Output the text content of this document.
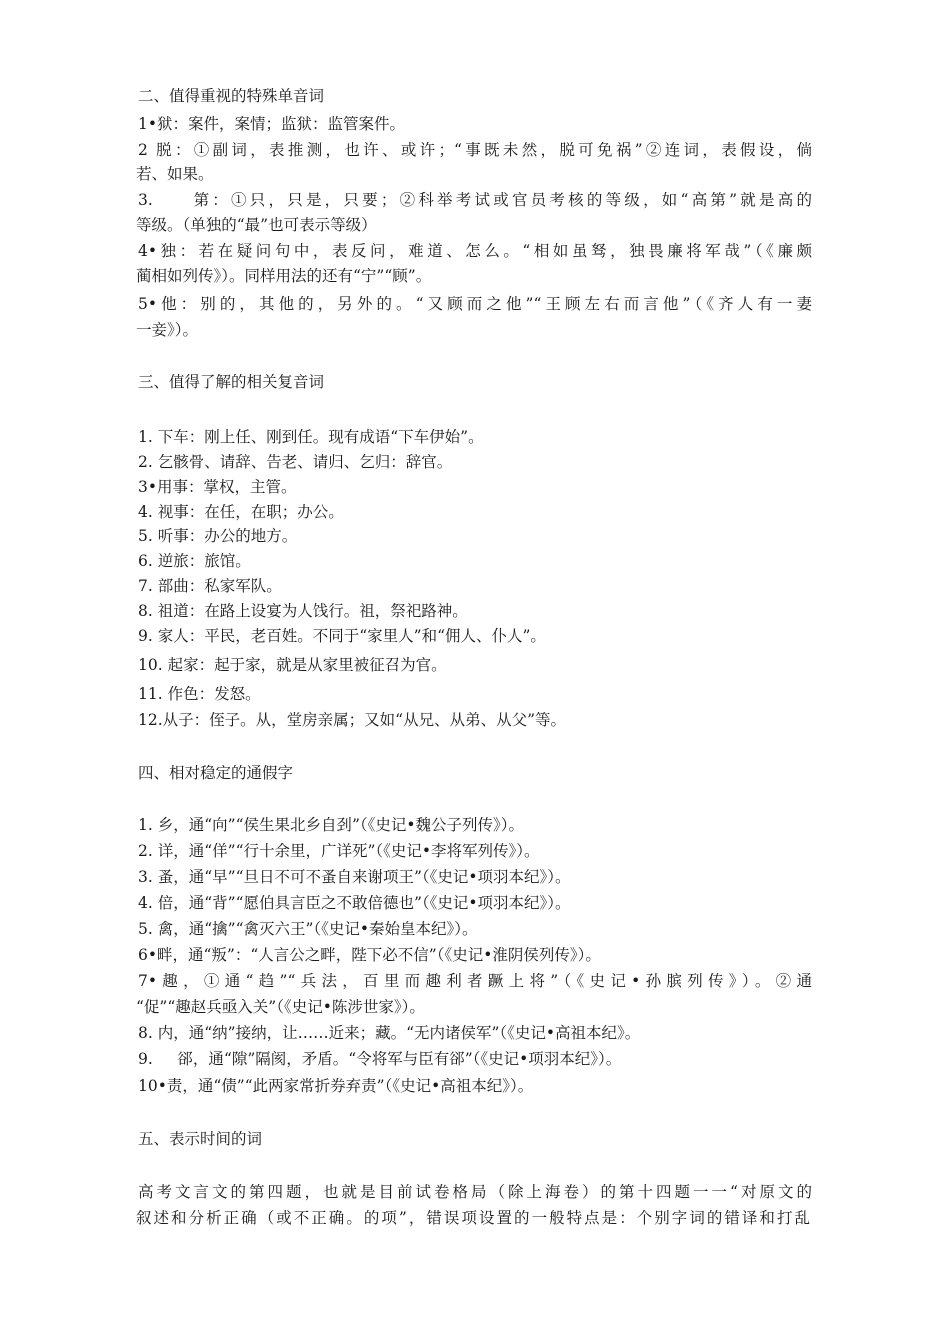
二、值得重视的特殊单音词
1•狱：案件，案情；监狱：监管案件。
2 脱：①副词，表推测，也许、或许；“事既未然，脱可免祸”②连词，表假设，倘
若、如果。
3.     第：①只，只是，只要；②科举考试或官员考核的等级，如“高第”就是高的
等级。（单独的“最”也可表示等级）
4•独：若在疑问句中，表反问，难道、怎么。“相如虽驽，独畏廉将军哉”（《廉颇
蔺相如列传》）。同样用法的还有“宁”“顾”。
5•他：别的，其他的，另外的。“又顾而之他”“王顾左右而言他”（《齐人有一妻
一妾》）。
三、值得了解的相关复音词
1. 下车：刚上任、刚到任。现有成语“下车伊始”。
2. 乞骸骨、请辞、告老、请归、乞归：辞官。
3•用事：掌权，主管。
4. 视事：在任，在职；办公。
5. 听事：办公的地方。
6. 逆旅：旅馆。
7. 部曲：私家军队。
8. 祖道：在路上设宴为人饯行。祖，祭祀路神。
9. 家人：平民，老百姓。不同于“家里人”和“佣人、仆人”。
10. 起家：起于家，就是从家里被征召为官。
11. 作色：发怒。
12.从子：侄子。从，堂房亲属；又如“从兄、从弟、从父”等。
四、相对稳定的通假字
1. 乡，通“向”“侯生果北乡自刭”（《史记•魏公子列传》）。
2. 详，通“佯”“行十余里，广详死”（《史记•李将军列传》）。
3. 蚤，通“早”“旦日不可不蚤自来谢项王”（《史记•项羽本纪》）。
4. 倍，通“背”“愿伯具言臣之不敢倍德也”（《史记•项羽本纪》）。
5. 禽，通“擒”“禽灭六王”（《史记•秦始皇本纪》）。
6•畔，通“叛”：“人言公之畔，陛下必不信”（《史记•淮阴侯列传》）。
7•趣，①通“趋”“兵法，百里而趣利者蹶上将”（《史记•孙膑列传》）。②通
“促”“趣赵兵亟入关”（《史记•陈涉世家》）。
8. 内，通“纳”接纳，让……近来；藏。“无内诸侯军”（《史记•高祖本纪》。
9.     郤，通“隙”隔阂，矛盾。“令将军与臣有郤”（《史记•项羽本纪》）。
10•责，通“债”“此两家常折券弃责”（《史记•高祖本纪》）。
五、表示时间的词
高考文言文的第四题，也就是目前试卷格局（除上海卷）的第十四题一一“对原文的
叙述和分析正确（或不正确。的项”，错误项设置的一般特点是：个别字词的错译和打乱
